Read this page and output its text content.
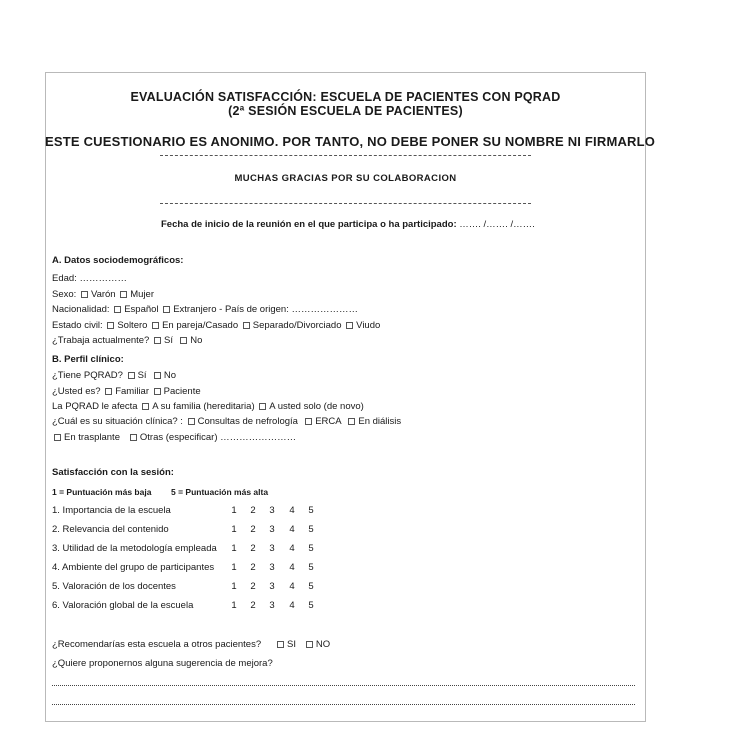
EVALUACIÓN SATISFACCIÓN: ESCUELA DE PACIENTES CON PQRAD
(2ª SESIÓN ESCUELA DE PACIENTES)
ESTE CUESTIONARIO ES ANONIMO. POR TANTO, NO DEBE PONER SU NOMBRE NI FIRMARLO
MUCHAS GRACIAS POR SU COLABORACION
Fecha de inicio de la reunión en el que participa o ha participado: ……. /……. /…….
A. Datos sociodemográficos:
Edad: ……………
Sexo: Varón Mujer
Nacionalidad: Español Extranjero - País de origen: …………………
Estado civil: Soltero En pareja/Casado Separado/Divorciado Viudo
¿Trabaja actualmente? Sí No
B. Perfil clínico:
¿Tiene PQRAD? Sí No
¿Usted es? Familiar Paciente
La PQRAD le afecta A su familia (hereditaria) A usted solo (de novo)
¿Cuál es su situación clínica? : Consultas de nefrología ERCA En diálisis
En trasplante Otras (especificar) ……………………
Satisfacción con la sesión:
1 = Puntuación más baja 5 = Puntuación más alta
1. Importancia de la escuela	1 2 3 4 5
2. Relevancia del contenido	1 2 3 4 5
3. Utilidad de la metodología empleada 1 2 3 4 5
4. Ambiente del grupo de participantes 1 2 3 4 5
5. Valoración de los docentes	1 2 3 4 5
6. Valoración global de la escuela	1 2 3 4 5
¿Recomendarías esta escuela a otros pacientes?	SI NO
¿Quiere proponernos alguna sugerencia de mejora?
